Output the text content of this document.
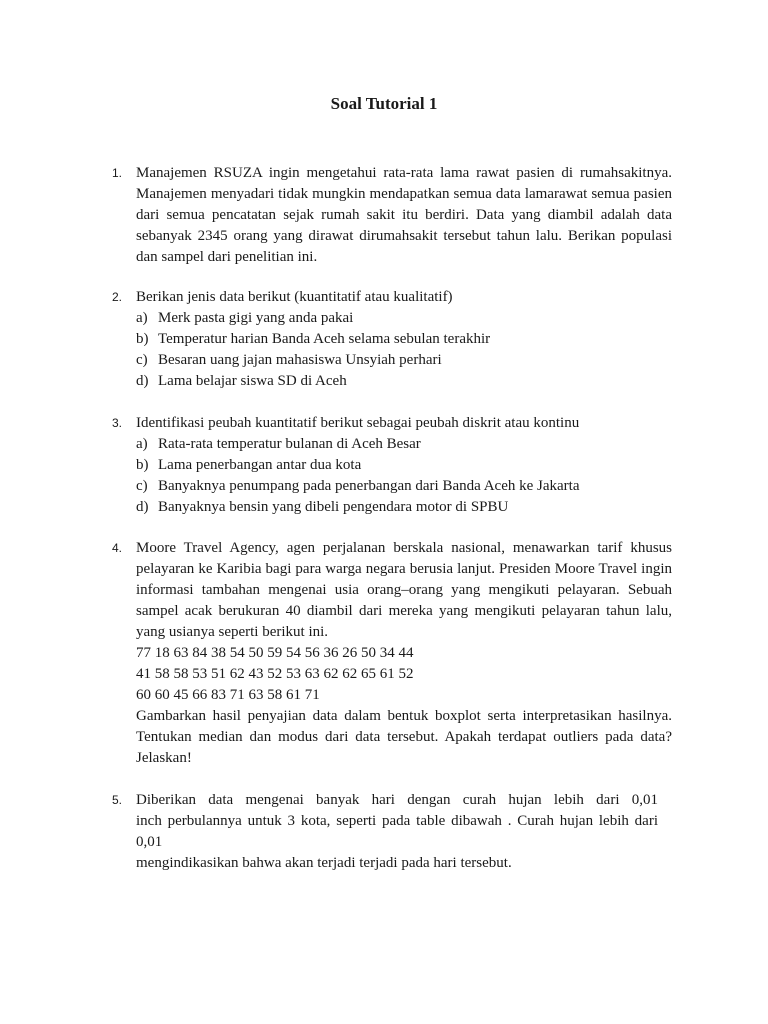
Soal Tutorial 1
1. Manajemen RSUZA ingin mengetahui rata-rata lama rawat pasien di rumahsakitnya. Manajemen menyadari tidak mungkin mendapatkan semua data lamarawat semua pasien dari semua pencatatan sejak rumah sakit itu berdiri. Data yang diambil adalah data sebanyak 2345 orang yang dirawat dirumahsakit tersebut tahun lalu. Berikan populasi dan sampel dari penelitian ini.
2. Berikan jenis data berikut (kuantitatif atau kualitatif)
a) Merk pasta gigi yang anda pakai
b) Temperatur harian Banda Aceh selama sebulan terakhir
c) Besaran uang jajan mahasiswa Unsyiah perhari
d) Lama belajar siswa SD di Aceh
3. Identifikasi peubah kuantitatif berikut sebagai peubah diskrit atau kontinu
a) Rata-rata temperatur bulanan di Aceh Besar
b) Lama penerbangan antar dua kota
c) Banyaknya penumpang pada penerbangan dari Banda Aceh ke Jakarta
d) Banyaknya bensin yang dibeli pengendara motor di SPBU
4. Moore Travel Agency, agen perjalanan berskala nasional, menawarkan tarif khusus pelayaran ke Karibia bagi para warga negara berusia lanjut. Presiden Moore Travel ingin informasi tambahan mengenai usia orang–orang yang mengikuti pelayaran. Sebuah sampel acak berukuran 40 diambil dari mereka yang mengikuti pelayaran tahun lalu, yang usianya seperti berikut ini.
77 18 63 84 38 54 50 59 54 56 36 26 50 34 44
41 58 58 53 51 62 43 52 53 63 62 62 65 61 52
60 60 45 66 83 71 63 58 61 71
Gambarkan hasil penyajian data dalam bentuk boxplot serta interpretasikan hasilnya. Tentukan median dan modus dari data tersebut. Apakah terdapat outliers pada data? Jelaskan!
5. Diberikan data mengenai banyak hari dengan curah hujan lebih dari 0,01
inch perbulannya untuk 3 kota, seperti pada table dibawah . Curah hujan lebih dari 0,01
mengindikasikan bahwa akan terjadi terjadi pada hari tersebut.
